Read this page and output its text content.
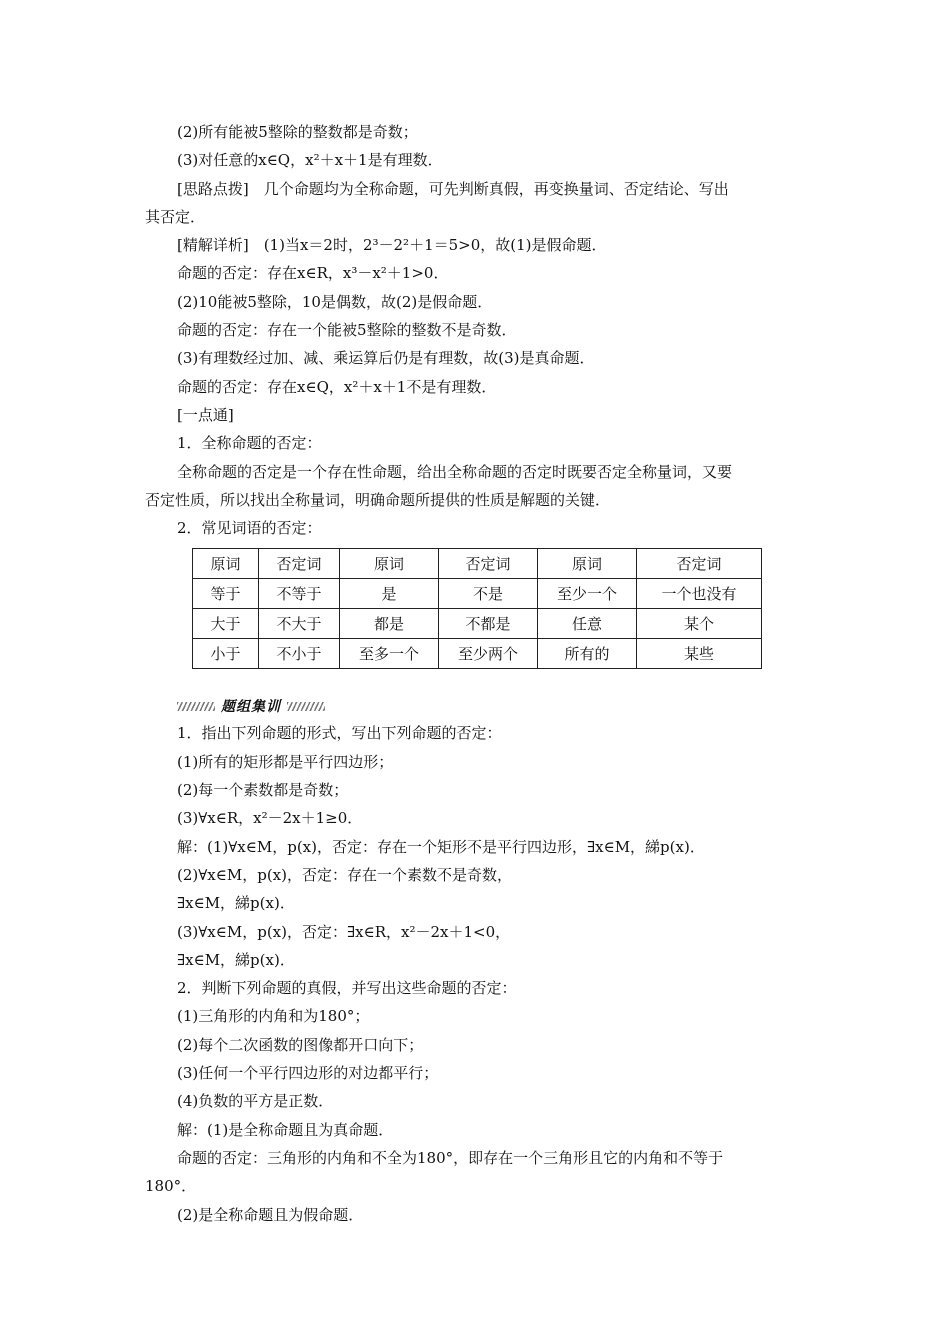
(2)所有能被5整除的整数都是奇数；
(3)对任意的x∈Q，x²＋x＋1是有理数．
[思路点拨]　几个命题均为全称命题，可先判断真假，再变换量词、否定结论、写出
其否定．
[精解详析]　(1)当x＝2时，2³－2²＋1＝5>0，故(1)是假命题．
命题的否定：存在x∈R，x³－x²＋1>0．
(2)10能被5整除，10是偶数，故(2)是假命题．
命题的否定：存在一个能被5整除的整数不是奇数．
(3)有理数经过加、减、乘运算后仍是有理数，故(3)是真命题．
命题的否定：存在x∈Q，x²＋x＋1不是有理数．
[一点通]
1．全称命题的否定：
全称命题的否定是一个存在性命题，给出全称命题的否定时既要否定全称量词，又要
否定性质，所以找出全称量词，明确命题所提供的性质是解题的关键．
2．常见词语的否定：
原词	否定词	原词	否定词	原词	否定词
等于	不等于	是	不是	至少一个	一个也没有
大于	不大于	都是	不都是	任意	某个
小于	不小于	至多一个	至少两个	所有的	某些
题组集训
1．指出下列命题的形式，写出下列命题的否定：
(1)所有的矩形都是平行四边形；
(2)每一个素数都是奇数；
(3)∀x∈R，x²－2x＋1≥0．
解：(1)∀x∈M，p(x)，否定：存在一个矩形不是平行四边形，∃x∈M，綈p(x)．
(2)∀x∈M，p(x)，否定：存在一个素数不是奇数，
∃x∈M，綈p(x)．
(3)∀x∈M，p(x)，否定：∃x∈R，x²－2x＋1<0，
∃x∈M，綈p(x)．
2．判断下列命题的真假，并写出这些命题的否定：
(1)三角形的内角和为180°；
(2)每个二次函数的图像都开口向下；
(3)任何一个平行四边形的对边都平行；
(4)负数的平方是正数．
解：(1)是全称命题且为真命题．
命题的否定：三角形的内角和不全为180°，即存在一个三角形且它的内角和不等于
180°．
(2)是全称命题且为假命题．
